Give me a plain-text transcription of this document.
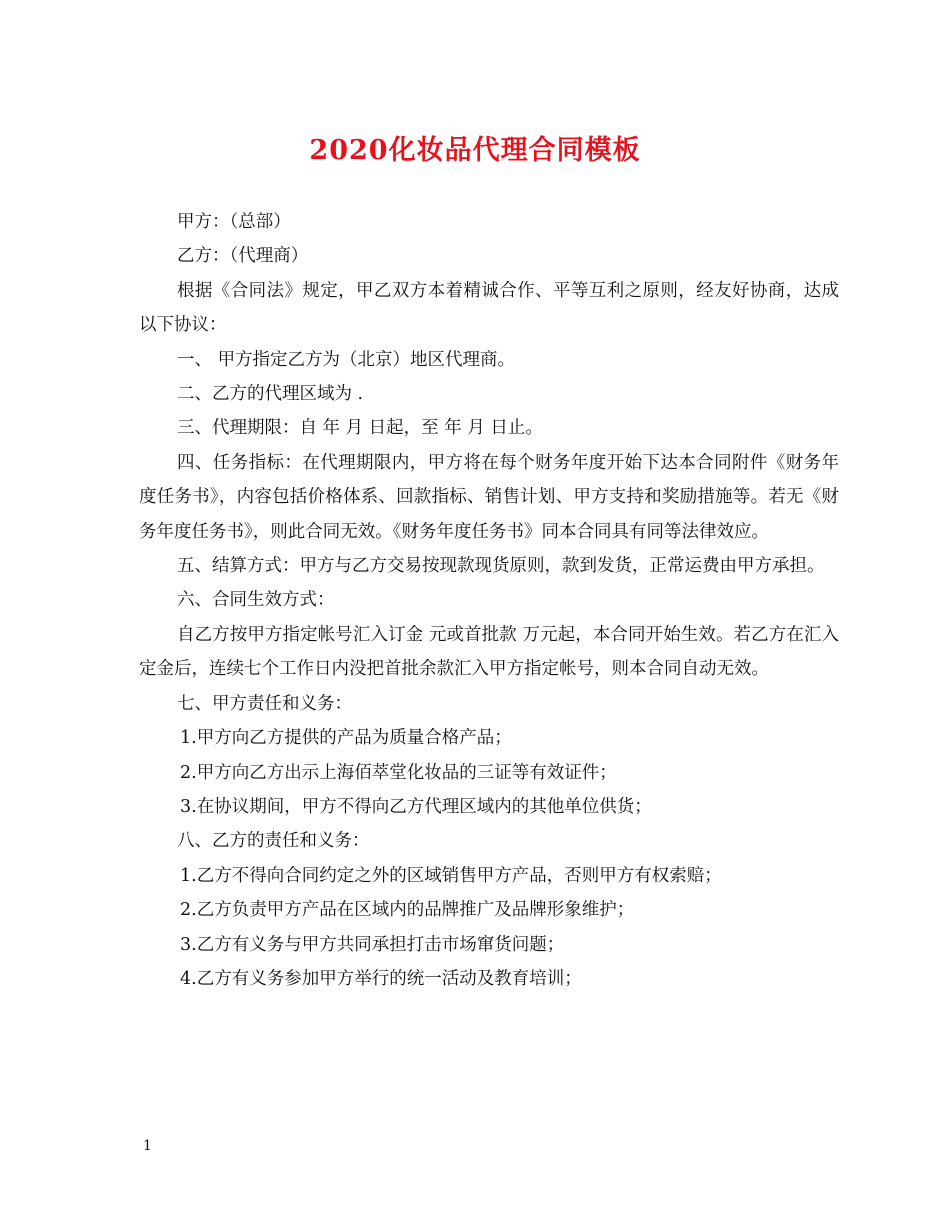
2020化妆品代理合同模板

甲方：（总部）

乙方：（代理商）

根据《合同法》规定，甲乙双方本着精诚合作、平等互利之原则，经友好协商，达成以下协议：

一、 甲方指定乙方为（北京）地区代理商。

二、乙方的代理区域为 .

三、代理期限：自 年 月 日起，至 年 月 日止。

四、任务指标：在代理期限内，甲方将在每个财务年度开始下达本合同附件《财务年度任务书》，内容包括价格体系、回款指标、销售计划、甲方支持和奖励措施等。若无《财务年度任务书》，则此合同无效。《财务年度任务书》同本合同具有同等法律效应。

五、结算方式：甲方与乙方交易按现款现货原则，款到发货，正常运费由甲方承担。

六、合同生效方式：

自乙方按甲方指定帐号汇入订金 元或首批款 万元起，本合同开始生效。若乙方在汇入定金后，连续七个工作日内没把首批余款汇入甲方指定帐号，则本合同自动无效。

七、甲方责任和义务：

1.甲方向乙方提供的产品为质量合格产品；

2.甲方向乙方出示上海佰萃堂化妆品的三证等有效证件；

3.在协议期间，甲方不得向乙方代理区域内的其他单位供货；

八、乙方的责任和义务：

1.乙方不得向合同约定之外的区域销售甲方产品，否则甲方有权索赔；

2.乙方负责甲方产品在区域内的品牌推广及品牌形象维护；

3.乙方有义务与甲方共同承担打击市场窜货问题；

4.乙方有义务参加甲方举行的统一活动及教育培训；

1
